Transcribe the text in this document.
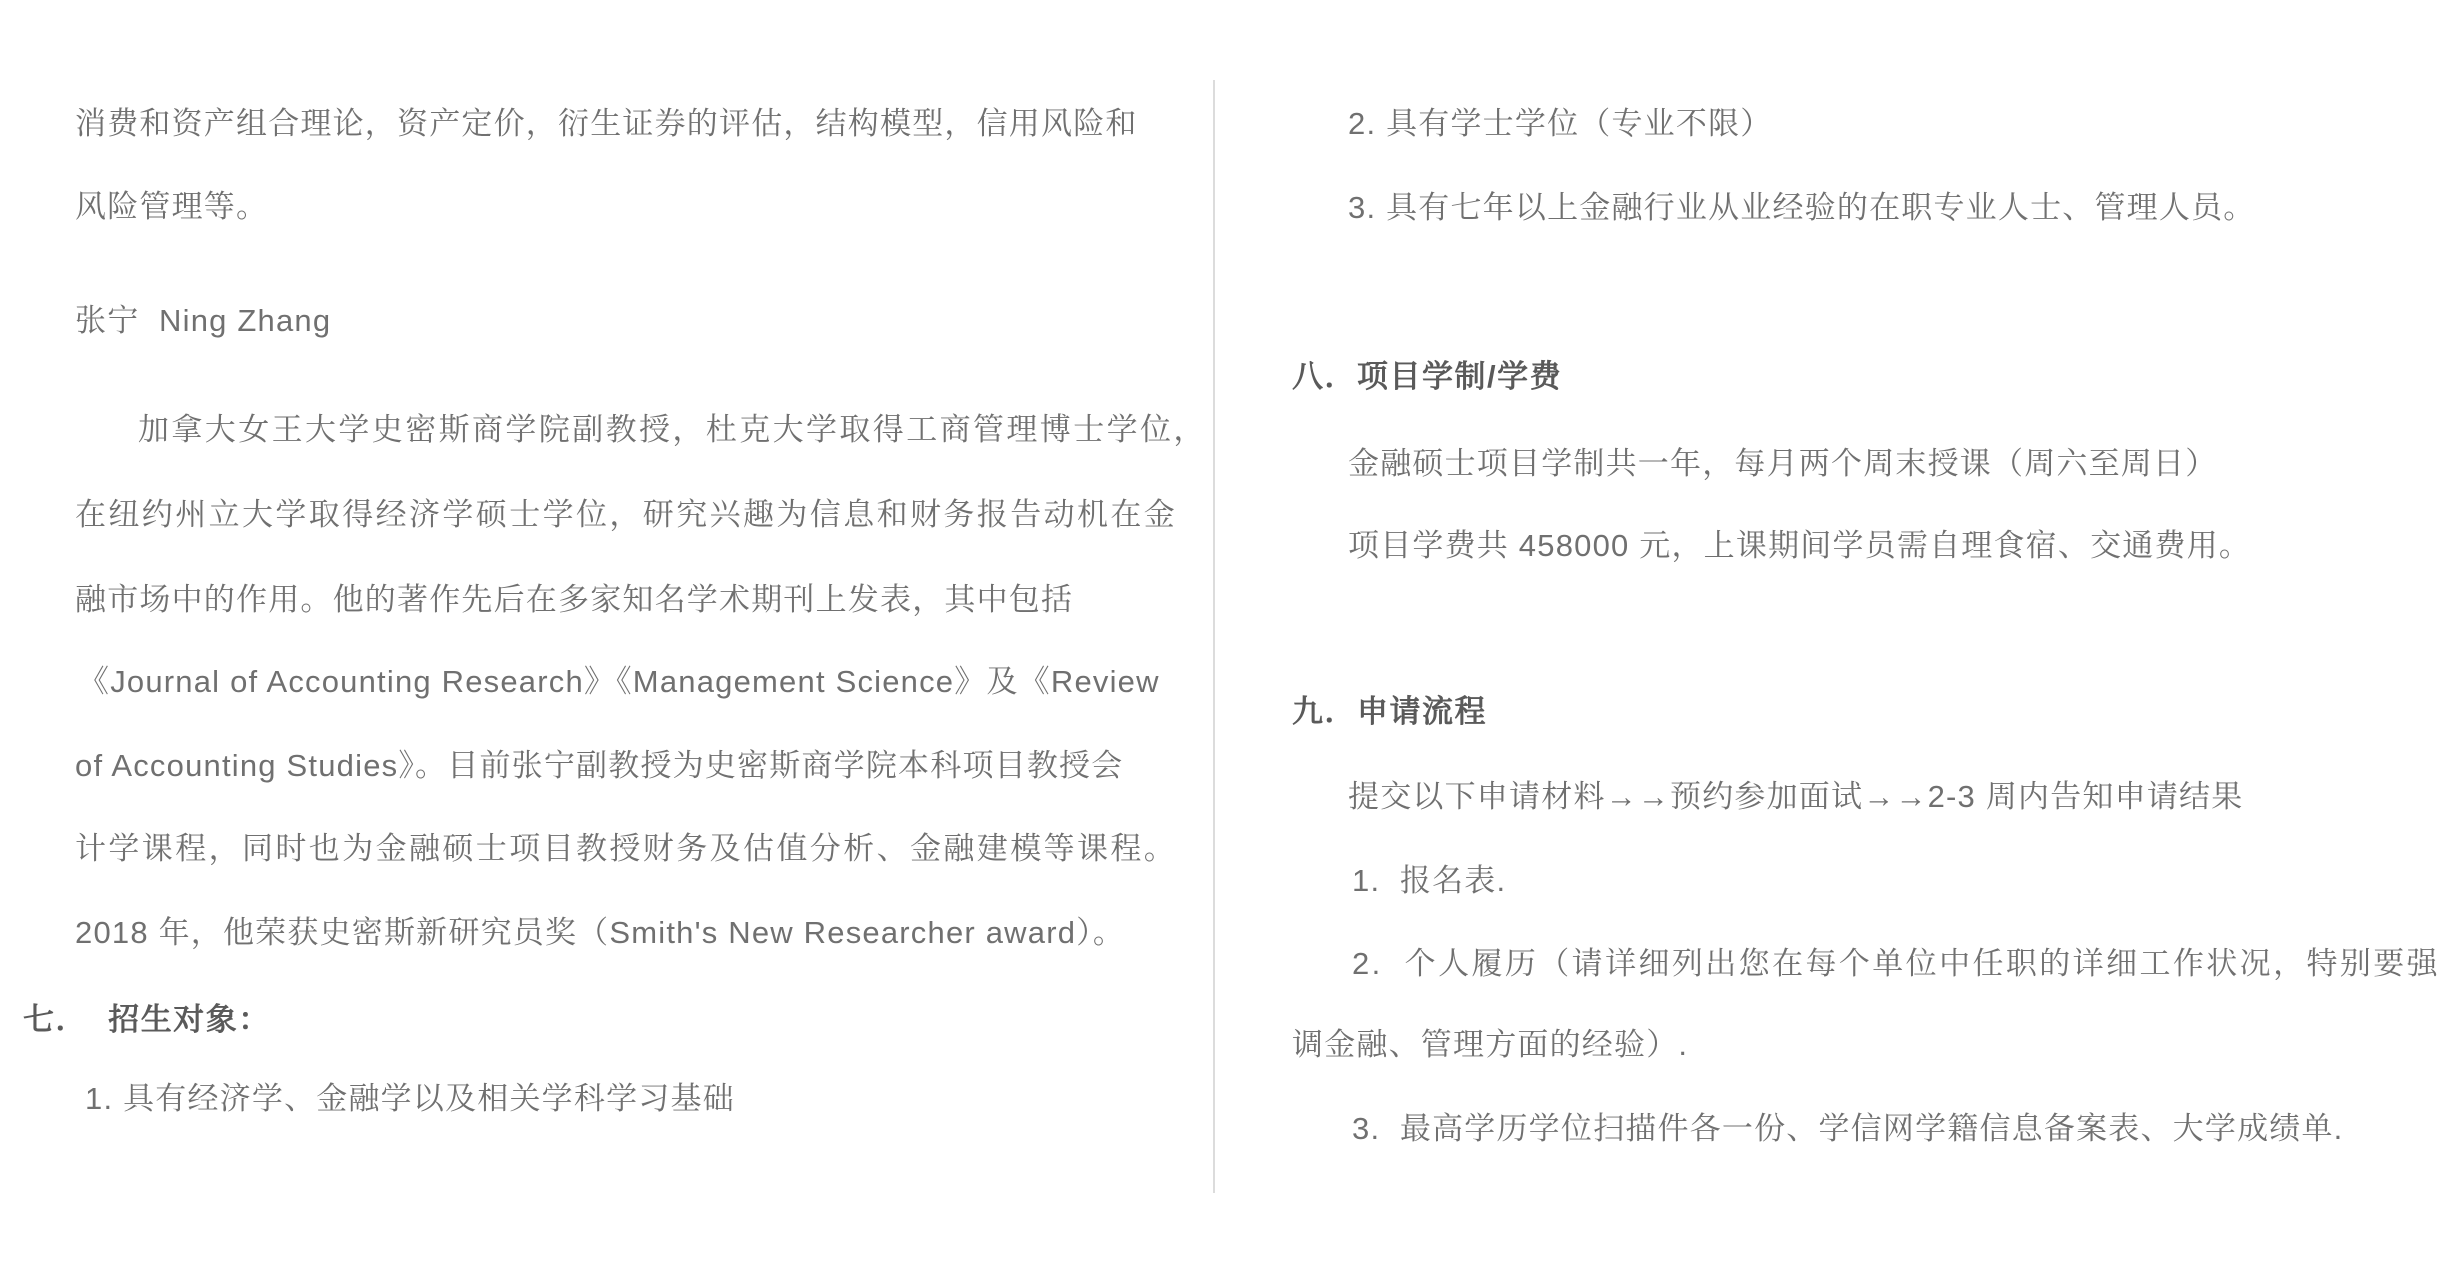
消费和资产组合理论，资产定价，衍生证券的评估，结构模型，信用风险和
风险管理等。
张宁  Ning Zhang
加拿大女王大学史密斯商学院副教授，杜克大学取得工商管理博士学位，
在纽约州立大学取得经济学硕士学位，研究兴趣为信息和财务报告动机在金
融市场中的作用。他的著作先后在多家知名学术期刊上发表，其中包括
《Journal of Accounting Research》《Management Science》及《Review
of Accounting Studies》。目前张宁副教授为史密斯商学院本科项目教授会
计学课程，同时也为金融硕士项目教授财务及估值分析、金融建模等课程。
2018 年，他荣获史密斯新研究员奖（Smith's New Researcher award）。
七．  招生对象：
1. 具有经济学、金融学以及相关学科学习基础
2. 具有学士学位（专业不限）
3. 具有七年以上金融行业从业经验的在职专业人士、管理人员。
八．项目学制/学费
金融硕士项目学制共一年，每月两个周末授课（周六至周日）
项目学费共 458000 元，上课期间学员需自理食宿、交通费用。
九．申请流程
提交以下申请材料→→预约参加面试→→2-3 周内告知申请结果
1.  报名表.
2.  个人履历（请详细列出您在每个单位中任职的详细工作状况，特别要强
调金融、管理方面的经验）.
3.  最高学历学位扫描件各一份、学信网学籍信息备案表、大学成绩单.
